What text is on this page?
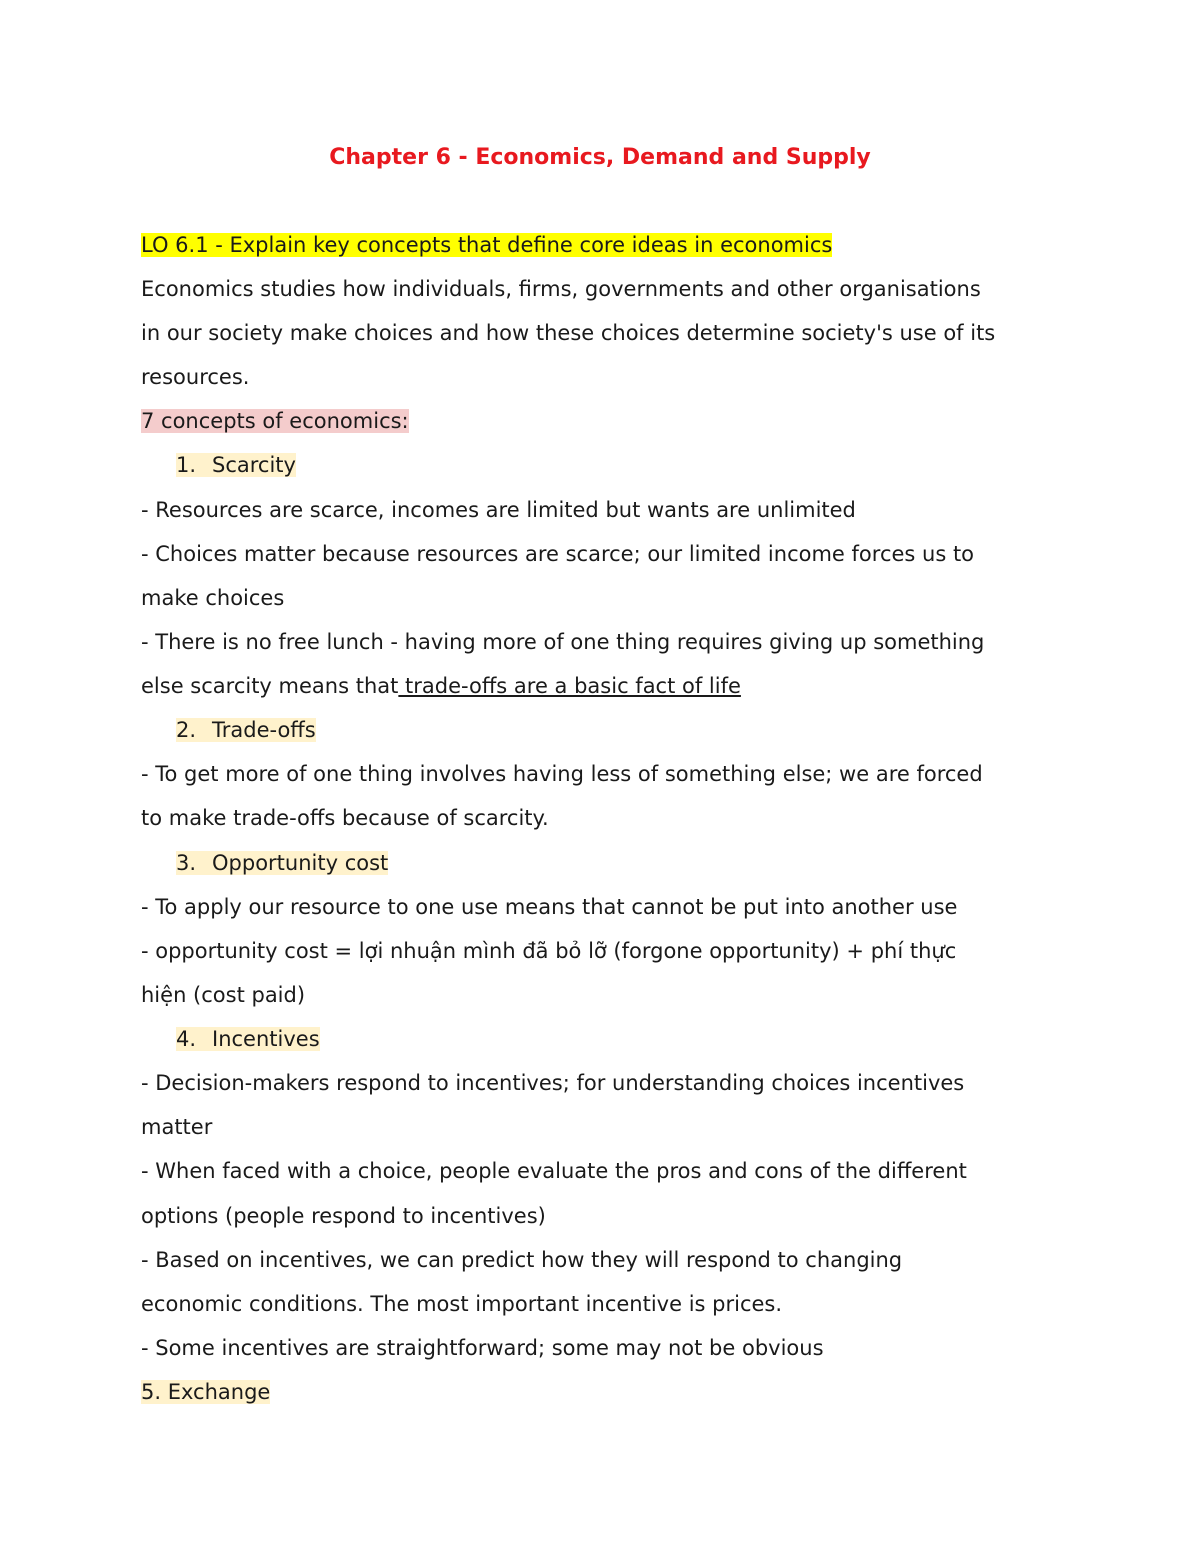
Chapter 6 - Economics, Demand and Supply
LO 6.1 - Explain key concepts that define core ideas in economics
Economics studies how individuals, firms, governments and other organisations
in our society make choices and how these choices determine society's use of its
resources.
7 concepts of economics:
1. Scarcity
- Resources are scarce, incomes are limited but wants are unlimited
- Choices matter because resources are scarce; our limited income forces us to
make choices
- There is no free lunch - having more of one thing requires giving up something
else scarcity means that trade-offs are a basic fact of life
2. Trade-offs
- To get more of one thing involves having less of something else; we are forced
to make trade-offs because of scarcity.
3. Opportunity cost
- To apply our resource to one use means that cannot be put into another use
- opportunity cost = lợi nhuận mình đã bỏ lỡ (forgone opportunity) + phí thực
hiện (cost paid)
4. Incentives
- Decision-makers respond to incentives; for understanding choices incentives
matter
- When faced with a choice, people evaluate the pros and cons of the different
options (people respond to incentives)
- Based on incentives, we can predict how they will respond to changing
economic conditions. The most important incentive is prices.
- Some incentives are straightforward; some may not be obvious
5. Exchange
